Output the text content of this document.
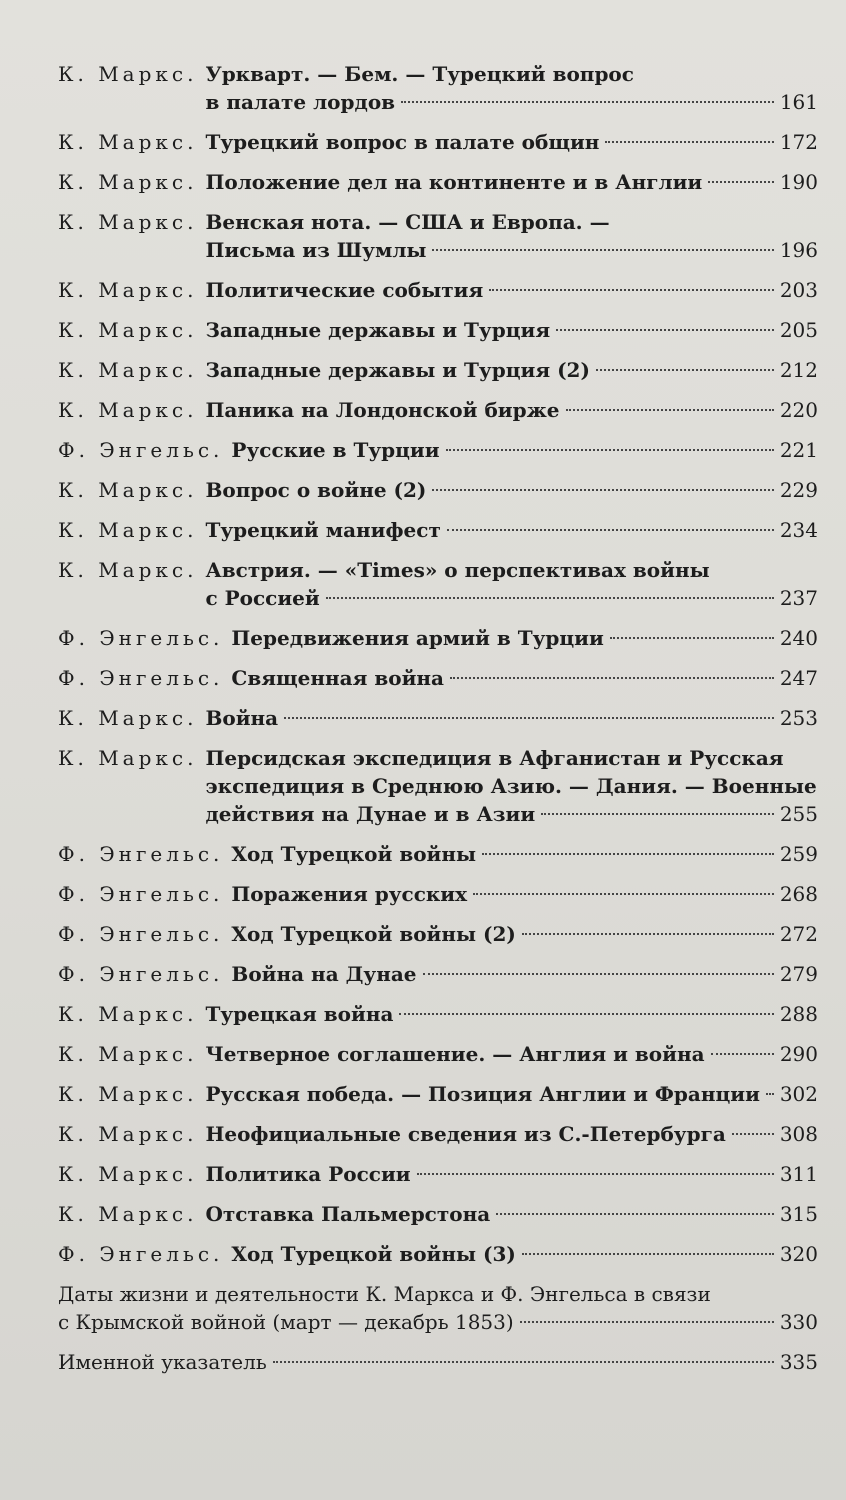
К. Маркс. Уркварт. — Бем. — Турецкий вопрос
в палате лордов	161
К. Маркс. Турецкий вопрос в палате общин	172
К. Маркс. Положение дел на континенте и в Англии	190
К. Маркс. Венская нота. — США и Европа. —
Письма из Шумлы	196
К. Маркс. Политические события	203
К. Маркс. Западные державы и Турция	205
К. Маркс. Западные державы и Турция (2)	212
К. Маркс. Паника на Лондонской бирже	220
Ф. Энгельс. Русские в Турции	221
К. Маркс. Вопрос о войне (2)	229
К. Маркс. Турецкий манифест	234
К. Маркс. Австрия. — «Times» о перспективах войны
с Россией	237
Ф. Энгельс. Передвижения армий в Турции	240
Ф. Энгельс. Священная война	247
К. Маркс. Война	253
К. Маркс. Персидская экспедиция в Афганистан и Русская
экспедиция в Среднюю Азию. — Дания. — Военные
действия на Дунае и в Азии	255
Ф. Энгельс. Ход Турецкой войны	259
Ф. Энгельс. Поражения русских	268
Ф. Энгельс. Ход Турецкой войны (2)	272
Ф. Энгельс. Война на Дунае	279
К. Маркс. Турецкая война	288
К. Маркс. Четверное соглашение. — Англия и война	290
К. Маркс. Русская победа. — Позиция Англии и Франции 302
К. Маркс. Неофициальные сведения из С.-Петербурга	308
К. Маркс. Политика России	311
К. Маркс. Отставка Пальмерстона	315
Ф. Энгельс. Ход Турецкой войны (3)	320
Даты жизни и деятельности К. Маркса и Ф. Энгельса в связи
с Крымской войной (март — декабрь 1853)	330
Именной указатель	335
